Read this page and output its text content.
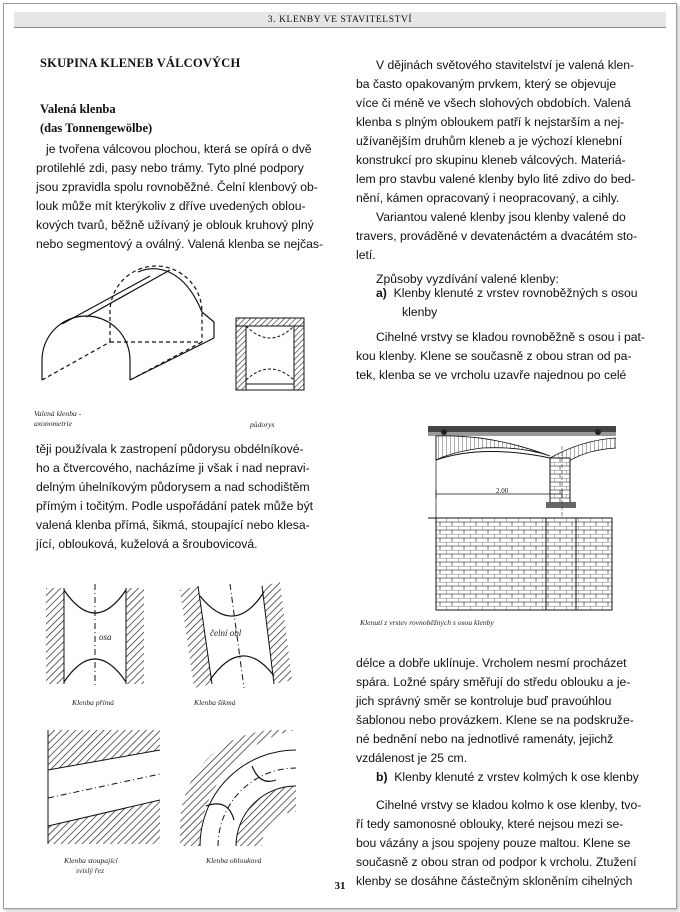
3. KLENBY VE STAVITELSTVÍ
SKUPINA KLENEB VÁLCOVÝCH
Valená klenba
(das Tonnengewölbe)
je tvořena válcovou plochou, která se opírá o dvě
protilehlé zdi, pasy nebo trámy. Tyto plné podpory
jsou zpravidla spolu rovnoběžné. Čelní klenbový ob-
louk může mít kterýkoliv z dříve uvedených oblou-
kových tvarů, běžně užívaný je oblouk kruhový plný
nebo segmentový a oválný. Valená klenba se nejčas-
Valená klenba -
axonometrie	půdorys
těji používala k zastropení půdorysu obdélníkové-
ho a čtvercového, nacházíme ji však i nad nepravi-
delným úhelníkovým půdorysem a nad schodištěm
přímým i točitým. Podle uspořádání patek může být
valená klenba přímá, šikmá, stoupající nebo klesa-
jící, oblouková, kuželová a šroubovicová.
osa
Klenba přímá
čelní obl
Klenba šikmá
Klenba stoupající
svislý řez
Klenba oblouková
V dějinách světového stavitelství je valená klen-
ba často opakovaným prvkem, který se objevuje
více či méně ve všech slohových obdobích. Valená
klenba s plným obloukem patří k nejstarším a nej-
užívanějším druhům kleneb a je výchozí klenební
konstrukcí pro skupinu kleneb válcových. Materiá-
lem pro stavbu valené klenby bylo lité zdivo do bed-
nění, kámen opracovaný i neopracovaný, a cihly.
Variantou valené klenby jsou klenby valené do
travers, prováděné v devatenáctém a dvacátém sto-
letí.
Způsoby vyzdívání valené klenby:
a) Klenby klenuté z vrstev rovnoběžných s osou
klenby
Cihelné vrstvy se kladou rovnoběžně s osou i pat-
kou klenby. Klene se současně z obou stran od pa-
tek, klenba se ve vrcholu uzavře najednou po celé
2.00
Klenutí z vrstev rovnoběžných s osou klenby
délce a dobře uklínuje. Vrcholem nesmí procházet
spára. Ložné spáry směřují do středu oblouku a je-
jich správný směr se kontroluje buď pravoúhlou
šablonou nebo provázkem. Klene se na podskruže-
né bednění nebo na jednotlivé ramenáty, jejichž
vzdálenost je 25 cm.
b) Klenby klenuté z vrstev kolmých k ose klenby
Cihelné vrstvy se kladou kolmo k ose klenby, tvo-
ří tedy samonosné oblouky, které nejsou mezi se-
bou vázány a jsou spojeny pouze maltou. Klene se
současně z obou stran od podpor k vrcholu. Ztužení
klenby se dosáhne částečným skloněním cihelných
31
